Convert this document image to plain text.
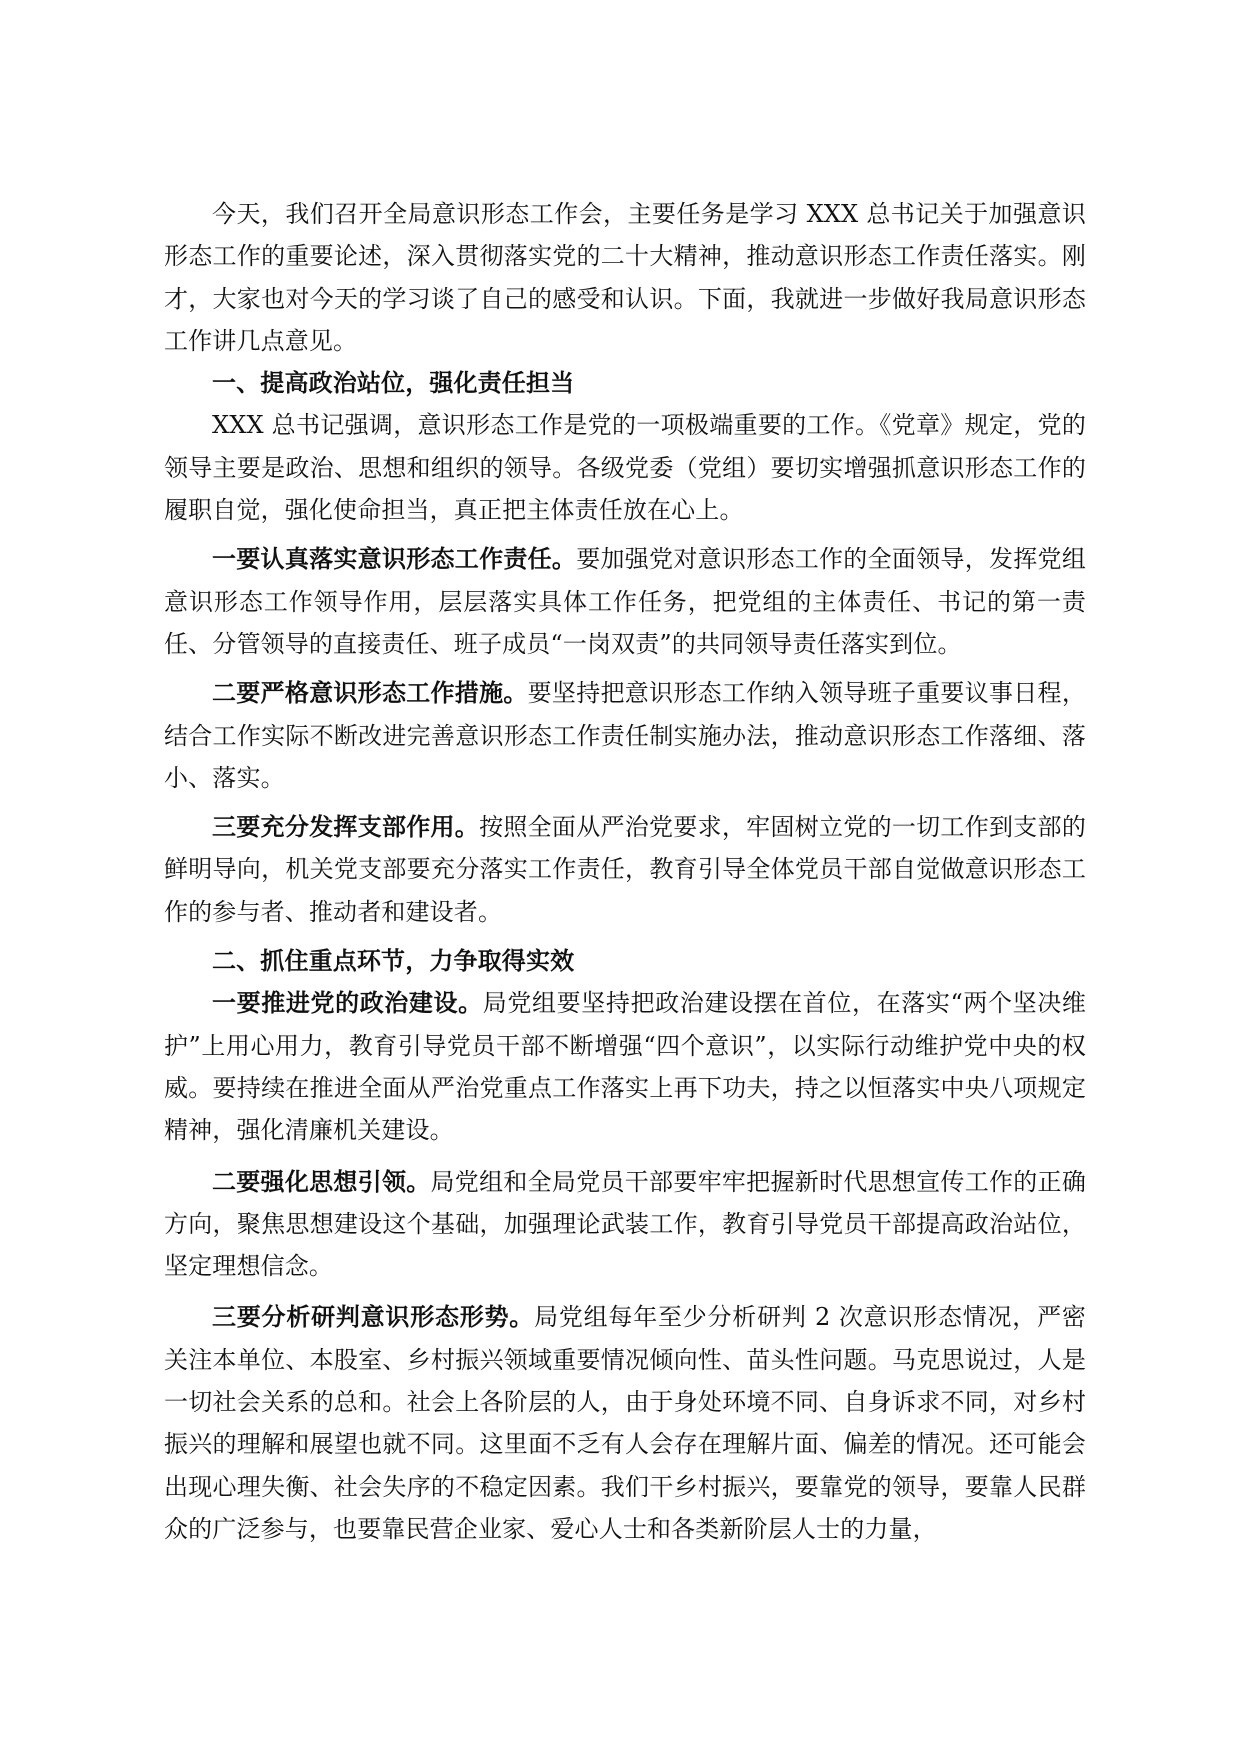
今天，我们召开全局意识形态工作会，主要任务是学习 XXX 总书记关于加强意识形态工作的重要论述，深入贯彻落实党的二十大精神，推动意识形态工作责任落实。刚才，大家也对今天的学习谈了自己的感受和认识。下面，我就进一步做好我局意识形态工作讲几点意见。

一、提高政治站位，强化责任担当

XXX 总书记强调，意识形态工作是党的一项极端重要的工作。《党章》规定，党的领导主要是政治、思想和组织的领导。各级党委（党组）要切实增强抓意识形态工作的履职自觉，强化使命担当，真正把主体责任放在心上。

一要认真落实意识形态工作责任。要加强党对意识形态工作的全面领导，发挥党组意识形态工作领导作用，层层落实具体工作任务，把党组的主体责任、书记的第一责任、分管领导的直接责任、班子成员“一岗双责”的共同领导责任落实到位。

二要严格意识形态工作措施。要坚持把意识形态工作纳入领导班子重要议事日程，结合工作实际不断改进完善意识形态工作责任制实施办法，推动意识形态工作落细、落小、落实。

三要充分发挥支部作用。按照全面从严治党要求，牢固树立党的一切工作到支部的鲜明导向，机关党支部要充分落实工作责任，教育引导全体党员干部自觉做意识形态工作的参与者、推动者和建设者。

二、抓住重点环节，力争取得实效

一要推进党的政治建设。局党组要坚持把政治建设摆在首位，在落实“两个坚决维护”上用心用力，教育引导党员干部不断增强“四个意识”，以实际行动维护党中央的权威。要持续在推进全面从严治党重点工作落实上再下功夫，持之以恒落实中央八项规定精神，强化清廉机关建设。

二要强化思想引领。局党组和全局党员干部要牢牢把握新时代思想宣传工作的正确方向，聚焦思想建设这个基础，加强理论武装工作，教育引导党员干部提高政治站位，坚定理想信念。

三要分析研判意识形态形势。局党组每年至少分析研判 2 次意识形态情况，严密关注本单位、本股室、乡村振兴领域重要情况倾向性、苗头性问题。马克思说过，人是一切社会关系的总和。社会上各阶层的人，由于身处环境不同、自身诉求不同，对乡村振兴的理解和展望也就不同。这里面不乏有人会存在理解片面、偏差的情况。还可能会出现心理失衡、社会失序的不稳定因素。我们干乡村振兴，要靠党的领导，要靠人民群众的广泛参与，也要靠民营企业家、爱心人士和各类新阶层人士的力量，
